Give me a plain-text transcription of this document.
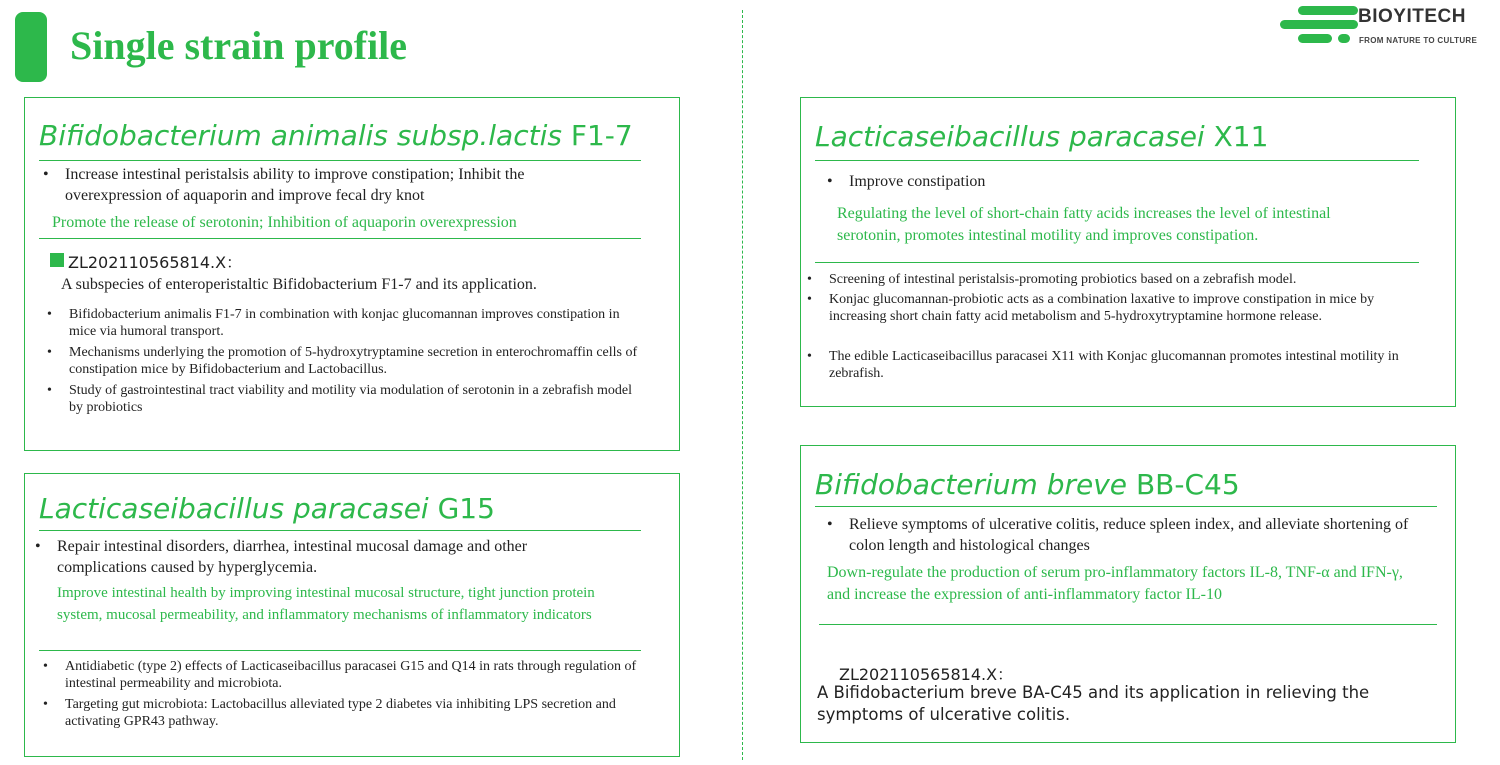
Single strain profile
BIOYITECH
FROM NATURE TO CULTURE
Bifidobacterium animalis subsp.lactis F1-7
• Increase intestinal peristalsis ability to improve constipation; Inhibit the overexpression of aquaporin and improve fecal dry knot
Promote the release of serotonin; Inhibition of aquaporin overexpression
ZL202110565814.X：
A subspecies of enteroperistaltic Bifidobacterium F1-7 and its application.
• Bifidobacterium animalis F1-7 in combination with konjac glucomannan improves constipation in mice via humoral transport.
• Mechanisms underlying the promotion of 5-hydroxytryptamine secretion in enterochromaffin cells of constipation mice by Bifidobacterium and Lactobacillus.
• Study of gastrointestinal tract viability and motility via modulation of serotonin in a zebrafish model by probiotics
Lacticaseibacillus paracasei G15
• Repair intestinal disorders, diarrhea, intestinal mucosal damage and other complications caused by hyperglycemia.
Improve intestinal health by improving intestinal mucosal structure, tight junction protein system, mucosal permeability, and inflammatory mechanisms of inflammatory indicators
• Antidiabetic (type 2) effects of Lacticaseibacillus paracasei G15 and Q14 in rats through regulation of intestinal permeability and microbiota.
• Targeting gut microbiota: Lactobacillus alleviated type 2 diabetes via inhibiting LPS secretion and activating GPR43 pathway.
Lacticaseibacillus paracasei X11
• Improve constipation
Regulating the level of short-chain fatty acids increases the level of intestinal serotonin, promotes intestinal motility and improves constipation.
• Screening of intestinal peristalsis-promoting probiotics based on a zebrafish model.
• Konjac glucomannan-probiotic acts as a combination laxative to improve constipation in mice by increasing short chain fatty acid metabolism and 5-hydroxytryptamine hormone release.
• The edible Lacticaseibacillus paracasei X11 with Konjac glucomannan promotes intestinal motility in zebrafish.
Bifidobacterium breve BB-C45
• Relieve symptoms of ulcerative colitis, reduce spleen index, and alleviate shortening of colon length and histological changes
Down-regulate the production of serum pro-inflammatory factors IL-8, TNF-α and IFN-γ, and increase the expression of anti-inflammatory factor IL-10
ZL202110565814.X：
A Bifidobacterium breve BA-C45 and its application in relieving the symptoms of ulcerative colitis.
